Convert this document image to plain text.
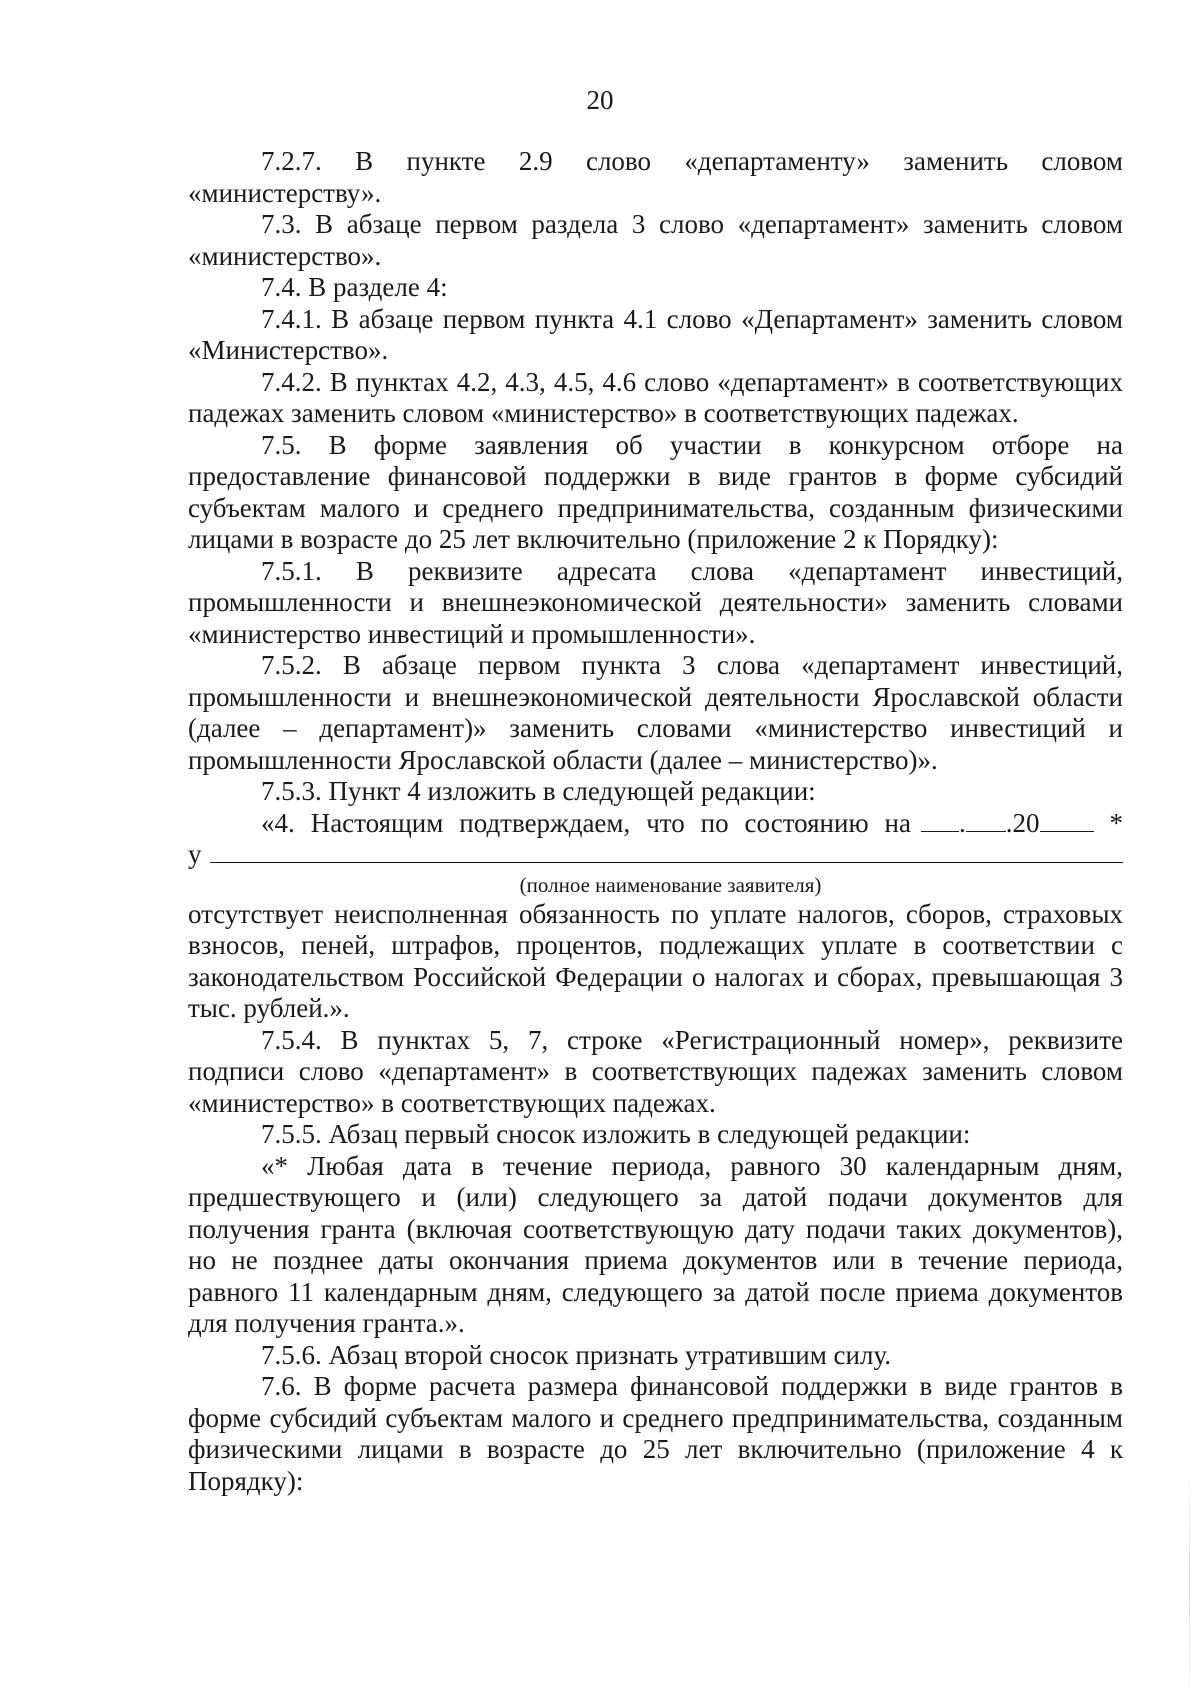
20

7.2.7. В пункте 2.9 слово «департаменту» заменить словом «министерству».

7.3. В абзаце первом раздела 3 слово «департамент» заменить словом «министерство».

7.4. В разделе 4:

7.4.1. В абзаце первом пункта 4.1 слово «Департамент» заменить словом «Министерство».

7.4.2. В пунктах 4.2, 4.3, 4.5, 4.6 слово «департамент» в соответствующих падежах заменить словом «министерство» в соответствующих падежах.

7.5. В форме заявления об участии в конкурсном отборе на предоставление финансовой поддержки в виде грантов в форме субсидий субъектам малого и среднего предпринимательства, созданным физическими лицами в возрасте до 25 лет включительно (приложение 2 к Порядку):

7.5.1. В реквизите адресата слова «департамент инвестиций, промышленности и внешнеэкономической деятельности» заменить словами «министерство инвестиций и промышленности».

7.5.2. В абзаце первом пункта 3 слова «департамент инвестиций, промышленности и внешнеэкономической деятельности Ярославской области (далее – департамент)» заменить словами «министерство инвестиций и промышленности Ярославской области (далее – министерство)».

7.5.3. Пункт 4 изложить в следующей редакции:

«4. Настоящим подтверждаем, что по состоянию на . .20	*
у

(полное наименование заявителя)

отсутствует неисполненная обязанность по уплате налогов, сборов, страховых взносов, пеней, штрафов, процентов, подлежащих уплате в соответствии с законодательством Российской Федерации о налогах и сборах, превышающая 3 тыс. рублей.».

7.5.4. В пунктах 5, 7, строке «Регистрационный номер», реквизите подписи слово «департамент» в соответствующих падежах заменить словом «министерство» в соответствующих падежах.

7.5.5. Абзац первый сносок изложить в следующей редакции:

«* Любая дата в течение периода, равного 30 календарным дням, предшествующего и (или) следующего за датой подачи документов для получения гранта (включая соответствующую дату подачи таких документов), но не позднее даты окончания приема документов или в течение периода, равного 11 календарным дням, следующего за датой после приема документов для получения гранта.».

7.5.6. Абзац второй сносок признать утратившим силу.

7.6. В форме расчета размера финансовой поддержки в виде грантов в форме субсидий субъектам малого и среднего предпринимательства, созданным физическими лицами в возрасте до 25 лет включительно (приложение 4 к Порядку):
